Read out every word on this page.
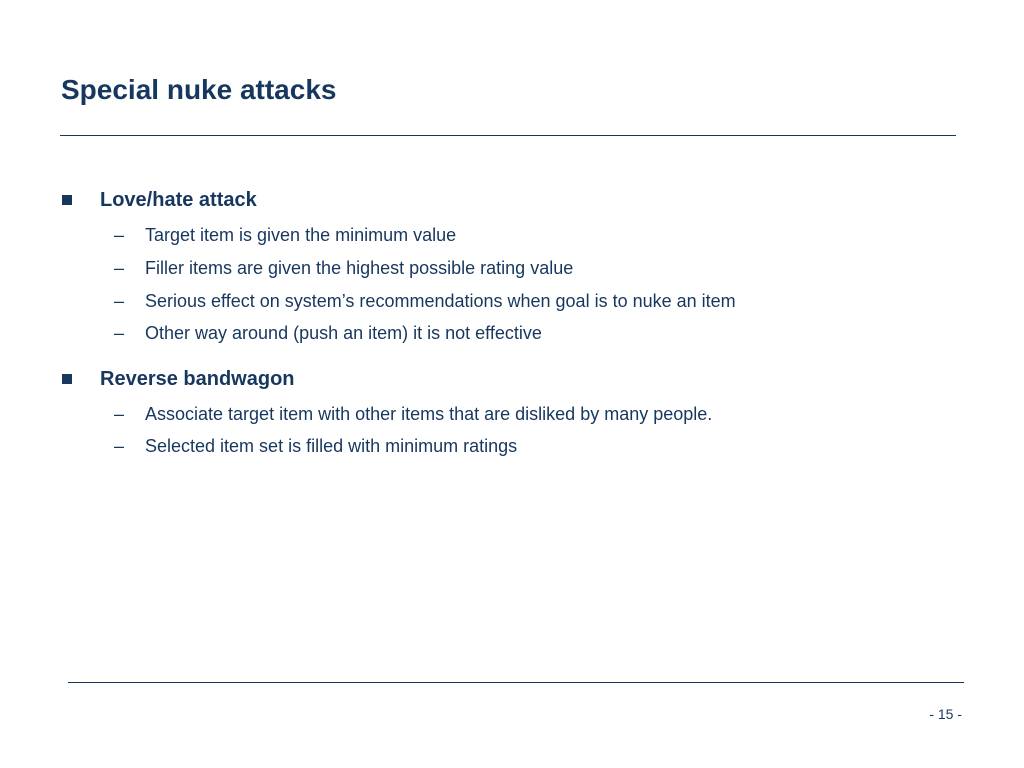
Special nuke attacks
Love/hate attack
– Target item is given the minimum value
– Filler items are given the highest possible rating value
– Serious effect on system’s recommendations when goal is to nuke an item
– Other way around (push an item) it is not effective
Reverse bandwagon
– Associate target item with other items that are disliked by many people.
– Selected item set is filled with minimum ratings
- 15 -
